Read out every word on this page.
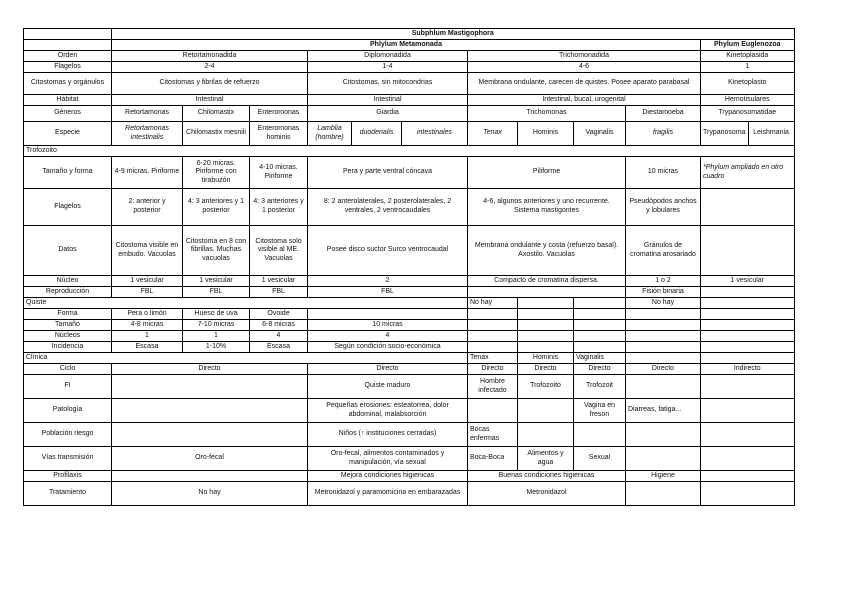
	Subphlum Mastigophora											
	Phlylum Metamonada										Phylum Euglenozoa	
Orden	Retortamonadida			Diplomonadida			Trichomonadida				Kinetoplasida	
Flagelos	2-4			1-4			4-6				1	
Citostomas y orgánulos	Citostomas y fibrilas de refuerzo			Citostomas, sin mitocondrias			Membrana ondulante, carecen de quistes. Posee aparato parabasal				Kinetoplasto	
Hábitat	Intestinal			Intestinal			Intestinal, bucal, urogenital				Hemotisulares	
Géneros	Retortamonas	Chilomastix	Enteromonas	Giardia			Trichomonas			Diestamoeba	Trypanosomatidae	
Especie	Retortamonas intestinalis	Chilomastix mesnili	Enteromonas hominis	Lamblia (hombre)	duodenalis	intestinales	Tenax	Hominis	Vaginalis	fragilis	Trypanosoma	Leishmania
Trofozoito												
Tamaño y forma	4-9 micras. Piriforme	6-20 micras. Piriforme con tirabuzón	4-10 micras. Piriforme	Pera y parte ventral cóncava			Piliforme			10 micras	*Phylum ampliado en otro cuadro	
Flagelos	2: anterior y posterior	4: 3 anteriores y 1 posterior	4: 3 anteriores y 1 posterior	8: 2 anterolaterales, 2 posterolaterales, 2 ventrales, 2 ventrocaudales			4-6, algunos anteriores y uno recurrente. Sistema mastigontes			Pseudópodos anchos y lobulares		
Datos	Citostoma visible en embudo. Vacuolas	Citostoma en 8 con fibrillas. Muchas vacuolas	Citostoma solo visible al ME. Vacuolas	Posee disco suctor Surco ventrocaudal			Membrana ondulante y costa (refuerzo basal). Axostilo. Vacuolas			Gránulos de cromatina arosariado		
Núcleo	1 vesicular	1 vesicular	1 vesicular	2			Compacto de cromatina dispersa.			1 o 2	1 vesicular	
Reproducción	FBL	FBL	FBL	FBL						Fisión binaria		
Quiste							No hay			No hay		
Forma	Pera o limón	Hueso de uva	Ovoide									
Tamaño	4-8 micras	7-10 micras	6-8 micras	10 micras								
Núcleos	1	1	4	4								
Incidencia	Escasa	1-10%	Escasa	Según condición socio-económica								
Clínica							Tenax	Hominis	Vaginalis			
Ciclo	Directo			Directo			Directo	Directo	Directo	Directo	Indirecto	
FI				Quiste maduro			Hombre infectado	Trofozoito	Trofozoit			
Patología				Pequeñas erosiones: esteatorrea, dolor abdominal, malabsorción					Vagina en freson	Diarreas, fatiga...		
Población riesgo				Niños (↑ instituciones cerradas)			Bocas enfermas					
Vías transmisión	Oro-fecal			Oro-fecal, alimentos contaminados y manipulación, vía sexual			Boca-Boca	Alimentos y agua	Sexual			
Profilaxis				Mejora condiciones higienicas			Buenas condiciones higienicas			Higiene		
Tratamiento	No hay			Metronidazol y paramomicina en embarazadas			Metronidazol					
